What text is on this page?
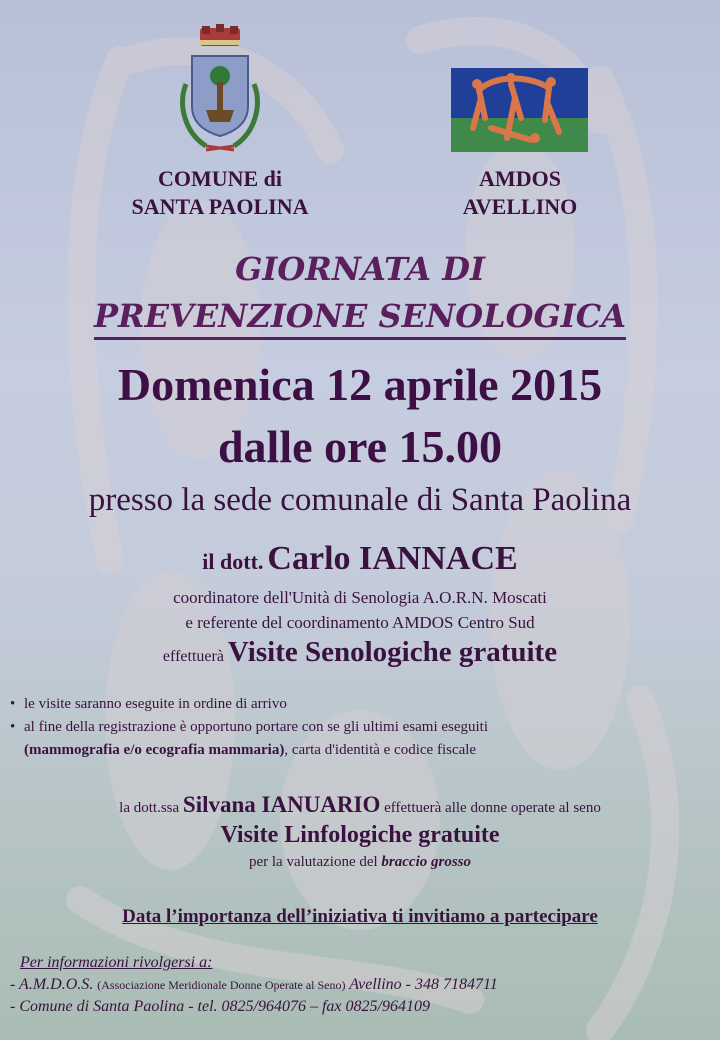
COMUNE di
SANTA PAOLINA
AMDOS
AVELLINO
GIORNATA DI
PREVENZIONE SENOLOGICA
Domenica 12 aprile 2015
dalle ore 15.00
presso la sede comunale di Santa Paolina
il dott. Carlo IANNACE
coordinatore dell'Unità di Senologia A.O.R.N. Moscati
e referente del coordinamento AMDOS Centro Sud
effettuerà Visite Senologiche gratuite
• le visite saranno eseguite in ordine di arrivo
• al fine della registrazione è opportuno portare con se gli ultimi esami eseguiti
(mammografia e/o ecografia mammaria), carta d'identità e codice fiscale
la dott.ssa Silvana IANUARIO effettuerà alle donne operate al seno
Visite Linfologiche gratuite
per la valutazione del braccio grosso
Data l’importanza dell’iniziativa ti invitiamo a partecipare
Per informazioni rivolgersi a:
- A.M.D.O.S. (Associazione Meridionale Donne Operate al Seno) Avellino - 348 7184711
- Comune di Santa Paolina - tel. 0825/964076 – fax 0825/964109
